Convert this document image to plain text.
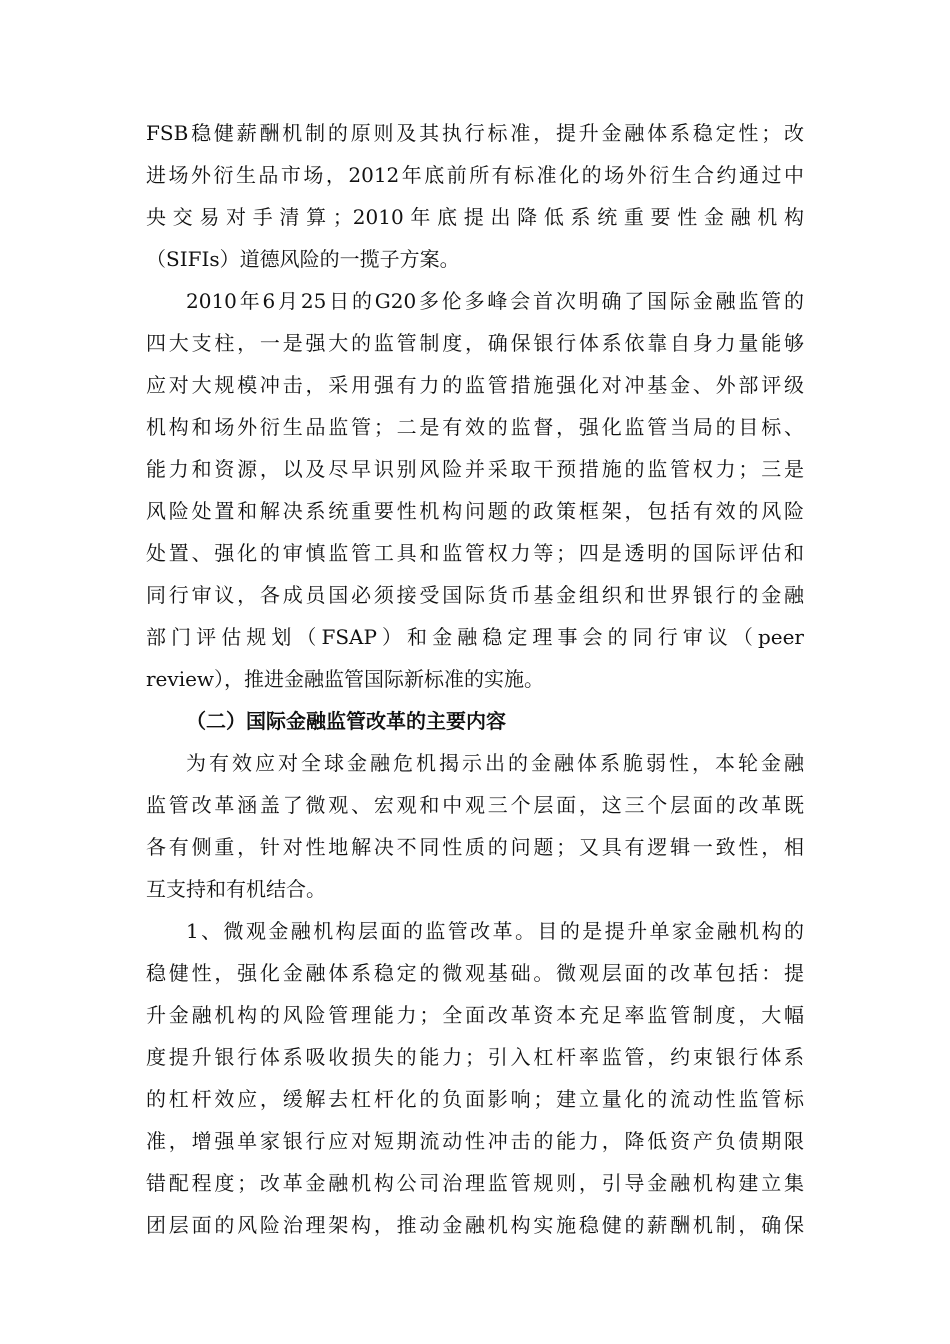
FSB稳健薪酬机制的原则及其执行标准，提升金融体系稳定性；改
进场外衍生品市场，2012年底前所有标准化的场外衍生合约通过中
央交易对手清算；2010年底提出降低系统重要性金融机构
（SIFIs）道德风险的一揽子方案。
2010年6月25日的G20多伦多峰会首次明确了国际金融监管的
四大支柱，一是强大的监管制度，确保银行体系依靠自身力量能够
应对大规模冲击，采用强有力的监管措施强化对冲基金、外部评级
机构和场外衍生品监管；二是有效的监督，强化监管当局的目标、
能力和资源，以及尽早识别风险并采取干预措施的监管权力；三是
风险处置和解决系统重要性机构问题的政策框架，包括有效的风险
处置、强化的审慎监管工具和监管权力等；四是透明的国际评估和
同行审议，各成员国必须接受国际货币基金组织和世界银行的金融
部门评估规划（FSAP）和金融稳定理事会的同行审议（peer
review），推进金融监管国际新标准的实施。
（二）国际金融监管改革的主要内容
为有效应对全球金融危机揭示出的金融体系脆弱性，本轮金融
监管改革涵盖了微观、宏观和中观三个层面，这三个层面的改革既
各有侧重，针对性地解决不同性质的问题；又具有逻辑一致性，相
互支持和有机结合。
1、微观金融机构层面的监管改革。目的是提升单家金融机构的
稳健性，强化金融体系稳定的微观基础。微观层面的改革包括：提
升金融机构的风险管理能力；全面改革资本充足率监管制度，大幅
度提升银行体系吸收损失的能力；引入杠杆率监管，约束银行体系
的杠杆效应，缓解去杠杆化的负面影响；建立量化的流动性监管标
准，增强单家银行应对短期流动性冲击的能力，降低资产负债期限
错配程度；改革金融机构公司治理监管规则，引导金融机构建立集
团层面的风险治理架构，推动金融机构实施稳健的薪酬机制，确保
